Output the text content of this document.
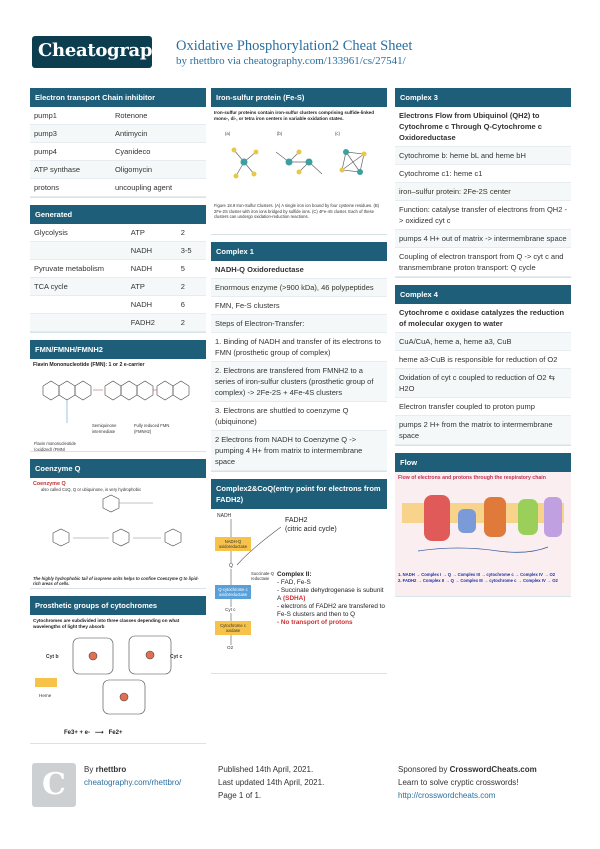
Cheatography Oxidative Phosphorylation2 Cheat Sheet
by rhettbro via cheatography.com/133961/cs/27541/
Electron transport Chain inhibitor
pump1	Rotenone
pump3	Antimycin
pump4	Cyanideco
ATP synthase	Oligomycin
protons	uncoupling agent
Generated
Glycolysis	ATP	2
	NADH	3-5
Pyruvate metabolism	NADH	5
TCA cycle	ATP	2
	NADH	6
	FADH2	2
FMN/FMNH/FMNH2
Flavin Mononucleotide (FMN): 1 or 2 e-carrier
Semiquinone intermediate
Fully reduced FMN (FMNH2)
Flavin mononucleotide (oxidized) (FMN)
Coenzyme Q
Coenzyme Q
also called CoQ, Q or ubiquinone, is very hydrophobic
The highly hydrophobic tail of isoprene units helps to confine Coenzyme Q to lipid-rich areas of cells.
Prosthetic groups of cytochromes
Cytochromes are subdivided into three classes depending on what wavelengths of light they absorb
Cyt b	Cyt c
Heme
Fe3+ + e-   ⟶   Fe2+
Iron-sulfur protein (Fe-S)
Iron-sulfur proteins contain iron-sulfur clusters comprising sulfide-linked mono-, di-, or tetra iron centers in variable oxidation states.
(a)	(b)	(c)
Figure 18.9 Iron-Sulfur Clusters. (A) A single iron ion bound by four cysteine residues. (B) 2Fe-2S cluster with iron ions bridged by sulfide ions. (C) 4Fe-4S cluster. Each of these clusters can undergo oxidation-reduction reactions.
Complex 1
NADH-Q Oxidoreductase
Enormous enzyme (>900 kDa), 46 polypeptides
FMN, Fe-S clusters
Steps of Electron-Transfer:
1. Binding of NADH and transfer of its electrons to FMN (prosthetic group of complex)
2. Electrons are transfered from FMNH2 to a series of iron-sulfur clusters (prosthetic group of complex) -> 2Fe-2S + 4Fe-4S clusters
3. Electrons are shuttled to coenzyme Q (ubiquinone)
2 Electrons from NADH to Coenzyme Q -> pumping 4 H+ from matrix to intermembrane space
Complex2&CoQ(entry point for electrons from FADH2)
NADH
NADH-Q oxidoreductase
Q
Succinate-Q reductase
Q-cytochrome c oxidoreductase
Cyt c
Cytochrome c oxidase
O2
FADH2
(citric acid cycle)
Complex II:
- FAD, Fe-S
- Succinate dehydrogenase is subunit A (SDHA)
- electrons of FADH2 are transfered to Fe-S clusters and then to Q
- No transport of protons
Complex 3
Electrons Flow from Ubiquinol (QH2) to Cytochrome c Through Q-Cytochrome c Oxidoreductase
Cytochrome b: heme bL and heme bH
Cytochrome c1: heme c1
iron–sulfur protein: 2Fe-2S center
Function: catalyse transfer of electrons from QH2 -> oxidized cyt c
pumps 4 H+ out of matrix -> intermembrane space
Coupling of electron transport from Q -> cyt c and transmembrane proton transport: Q cycle
Complex 4
Cytochrome c oxidase catalyzes the reduction of molecular oxygen to water
CuA/CuA, heme a, heme a3, CuB
heme a3-CuB is responsible for reduction of O2
Oxidation of cyt c coupled to reduction of O2 ⇆ H2O
Electron transfer coupled to proton pump
pumps 2 H+ from the matrix to intermembrane space
Flow
Flow of electrons and protons through the respiratory chain
1. NADH → Complex I → Q → Complex III → cytochrome c → Complex IV → O2
2. FADH2 → Complex II → Q → Complex III → cytochrome c → Complex IV → O2
C	By rhettbro
cheatography.com/rhettbro/
Published 14th April, 2021.
Last updated 14th April, 2021.
Page 1 of 1.
Sponsored by CrosswordCheats.com
Learn to solve cryptic crosswords!
http://crosswordcheats.com
